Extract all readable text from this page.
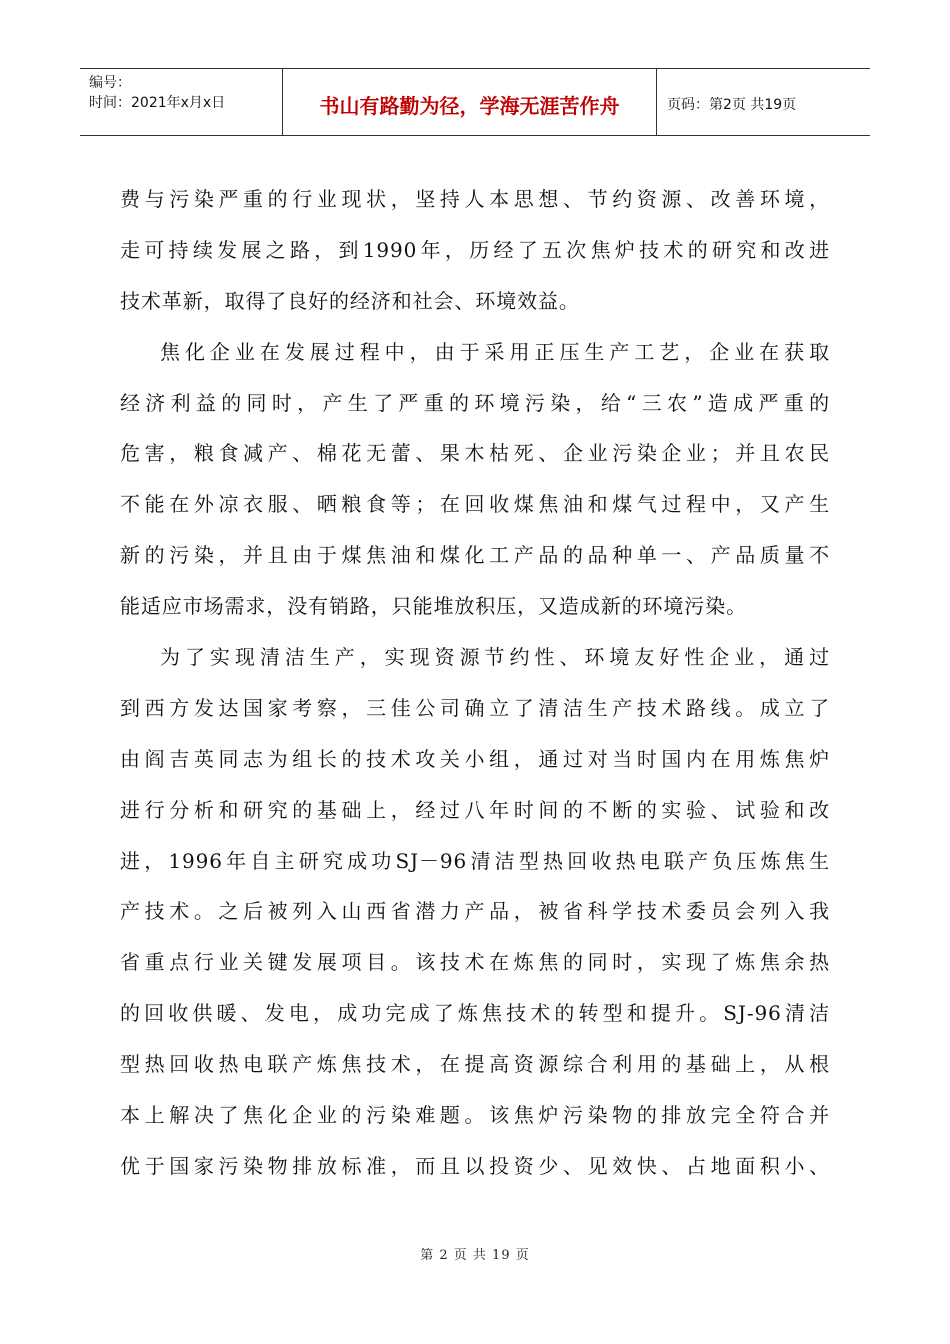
编号：
时间：2021年x月x日	书山有路勤为径，学海无涯苦作舟	页码：第2页 共19页
费与污染严重的行业现状，坚持人本思想、节约资源、改善环境，
走可持续发展之路，到1990年，历经了五次焦炉技术的研究和改进
技术革新，取得了良好的经济和社会、环境效益。
焦化企业在发展过程中，由于采用正压生产工艺，企业在获取
经济利益的同时，产生了严重的环境污染，给“三农”造成严重的
危害，粮食减产、棉花无蕾、果木枯死、企业污染企业；并且农民
不能在外凉衣服、晒粮食等；在回收煤焦油和煤气过程中，又产生
新的污染，并且由于煤焦油和煤化工产品的品种单一、产品质量不
能适应市场需求，没有销路，只能堆放积压，又造成新的环境污染。
为了实现清洁生产，实现资源节约性、环境友好性企业，通过
到西方发达国家考察，三佳公司确立了清洁生产技术路线。成立了
由阎吉英同志为组长的技术攻关小组，通过对当时国内在用炼焦炉
进行分析和研究的基础上，经过八年时间的不断的实验、试验和改
进，1996年自主研究成功SJ－96清洁型热回收热电联产负压炼焦生
产技术。之后被列入山西省潜力产品，被省科学技术委员会列入我
省重点行业关键发展项目。该技术在炼焦的同时，实现了炼焦余热
的回收供暖、发电，成功完成了炼焦技术的转型和提升。SJ-96清洁
型热回收热电联产炼焦技术，在提高资源综合利用的基础上，从根
本上解决了焦化企业的污染难题。该焦炉污染物的排放完全符合并
优于国家污染物排放标准，而且以投资少、见效快、占地面积小、
第 2 页 共 19 页
